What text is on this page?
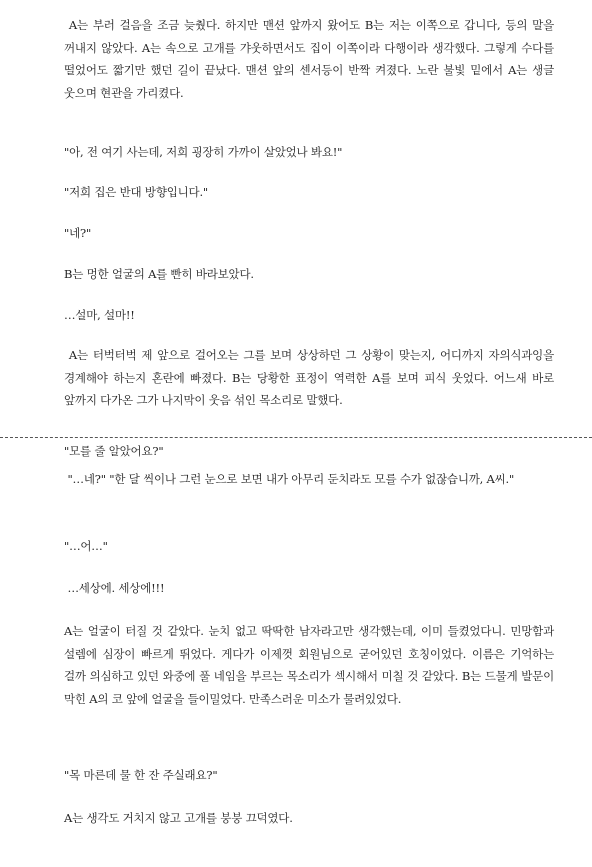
A는 부러 걸음을 조금 늦췄다. 하지만 맨션 앞까지 왔어도 B는 저는 이쪽으로 갑니다, 등의 말을 꺼내지 않았다. A는 속으로 고개를 갸웃하면서도 집이 이쪽이라 다행이라 생각했다. 그렇게 수다를 떨었어도 짧기만 했던 길이 끝났다. 맨션 앞의 센서등이 반짝 켜졌다. 노란 불빛 밑에서 A는 생글 웃으며 현관을 가리켰다.

"아, 전 여기 사는데, 저희 굉장히 가까이 살았었나 봐요!"

"저희 집은 반대 방향입니다."

"네?"

B는 멍한 얼굴의 A를 빤히 바라보았다.

…설마, 설마!!

A는 터벅터벅 제 앞으로 걸어오는 그를 보며 상상하던 그 상황이 맞는지, 어디까지 자의식과잉을 경계해야 하는지 혼란에 빠졌다. B는 당황한 표정이 역력한 A를 보며 피식 웃었다. 어느새 바로 앞까지 다가온 그가 나지막이 웃음 섞인 목소리로 말했다.

"모를 줄 알았어요?"

"…네?" "한 달 씩이나 그런 눈으로 보면 내가 아무리 둔치라도 모를 수가 없잖습니까, A씨."

"…어…"

…세상에. 세상에!!!

A는 얼굴이 터질 것 같았다. 눈치 없고 딱딱한 남자라고만 생각했는데, 이미 들켰었다니. 민망함과 설렘에 심장이 빠르게 뛰었다. 게다가 이제껏 회원님으로 굳어있던 호칭이었다. 이름은 기억하는 걸까 의심하고 있던 와중에 풀 네임을 부르는 목소리가 섹시해서 미칠 것 같았다. B는 드물게 발문이 막힌 A의 코 앞에 얼굴을 들이밀었다. 만족스러운 미소가 물려있었다.

"목 마른데 물 한 잔 주실래요?"

A는 생각도 거치지 않고 고개를 붕붕 끄덕였다.
